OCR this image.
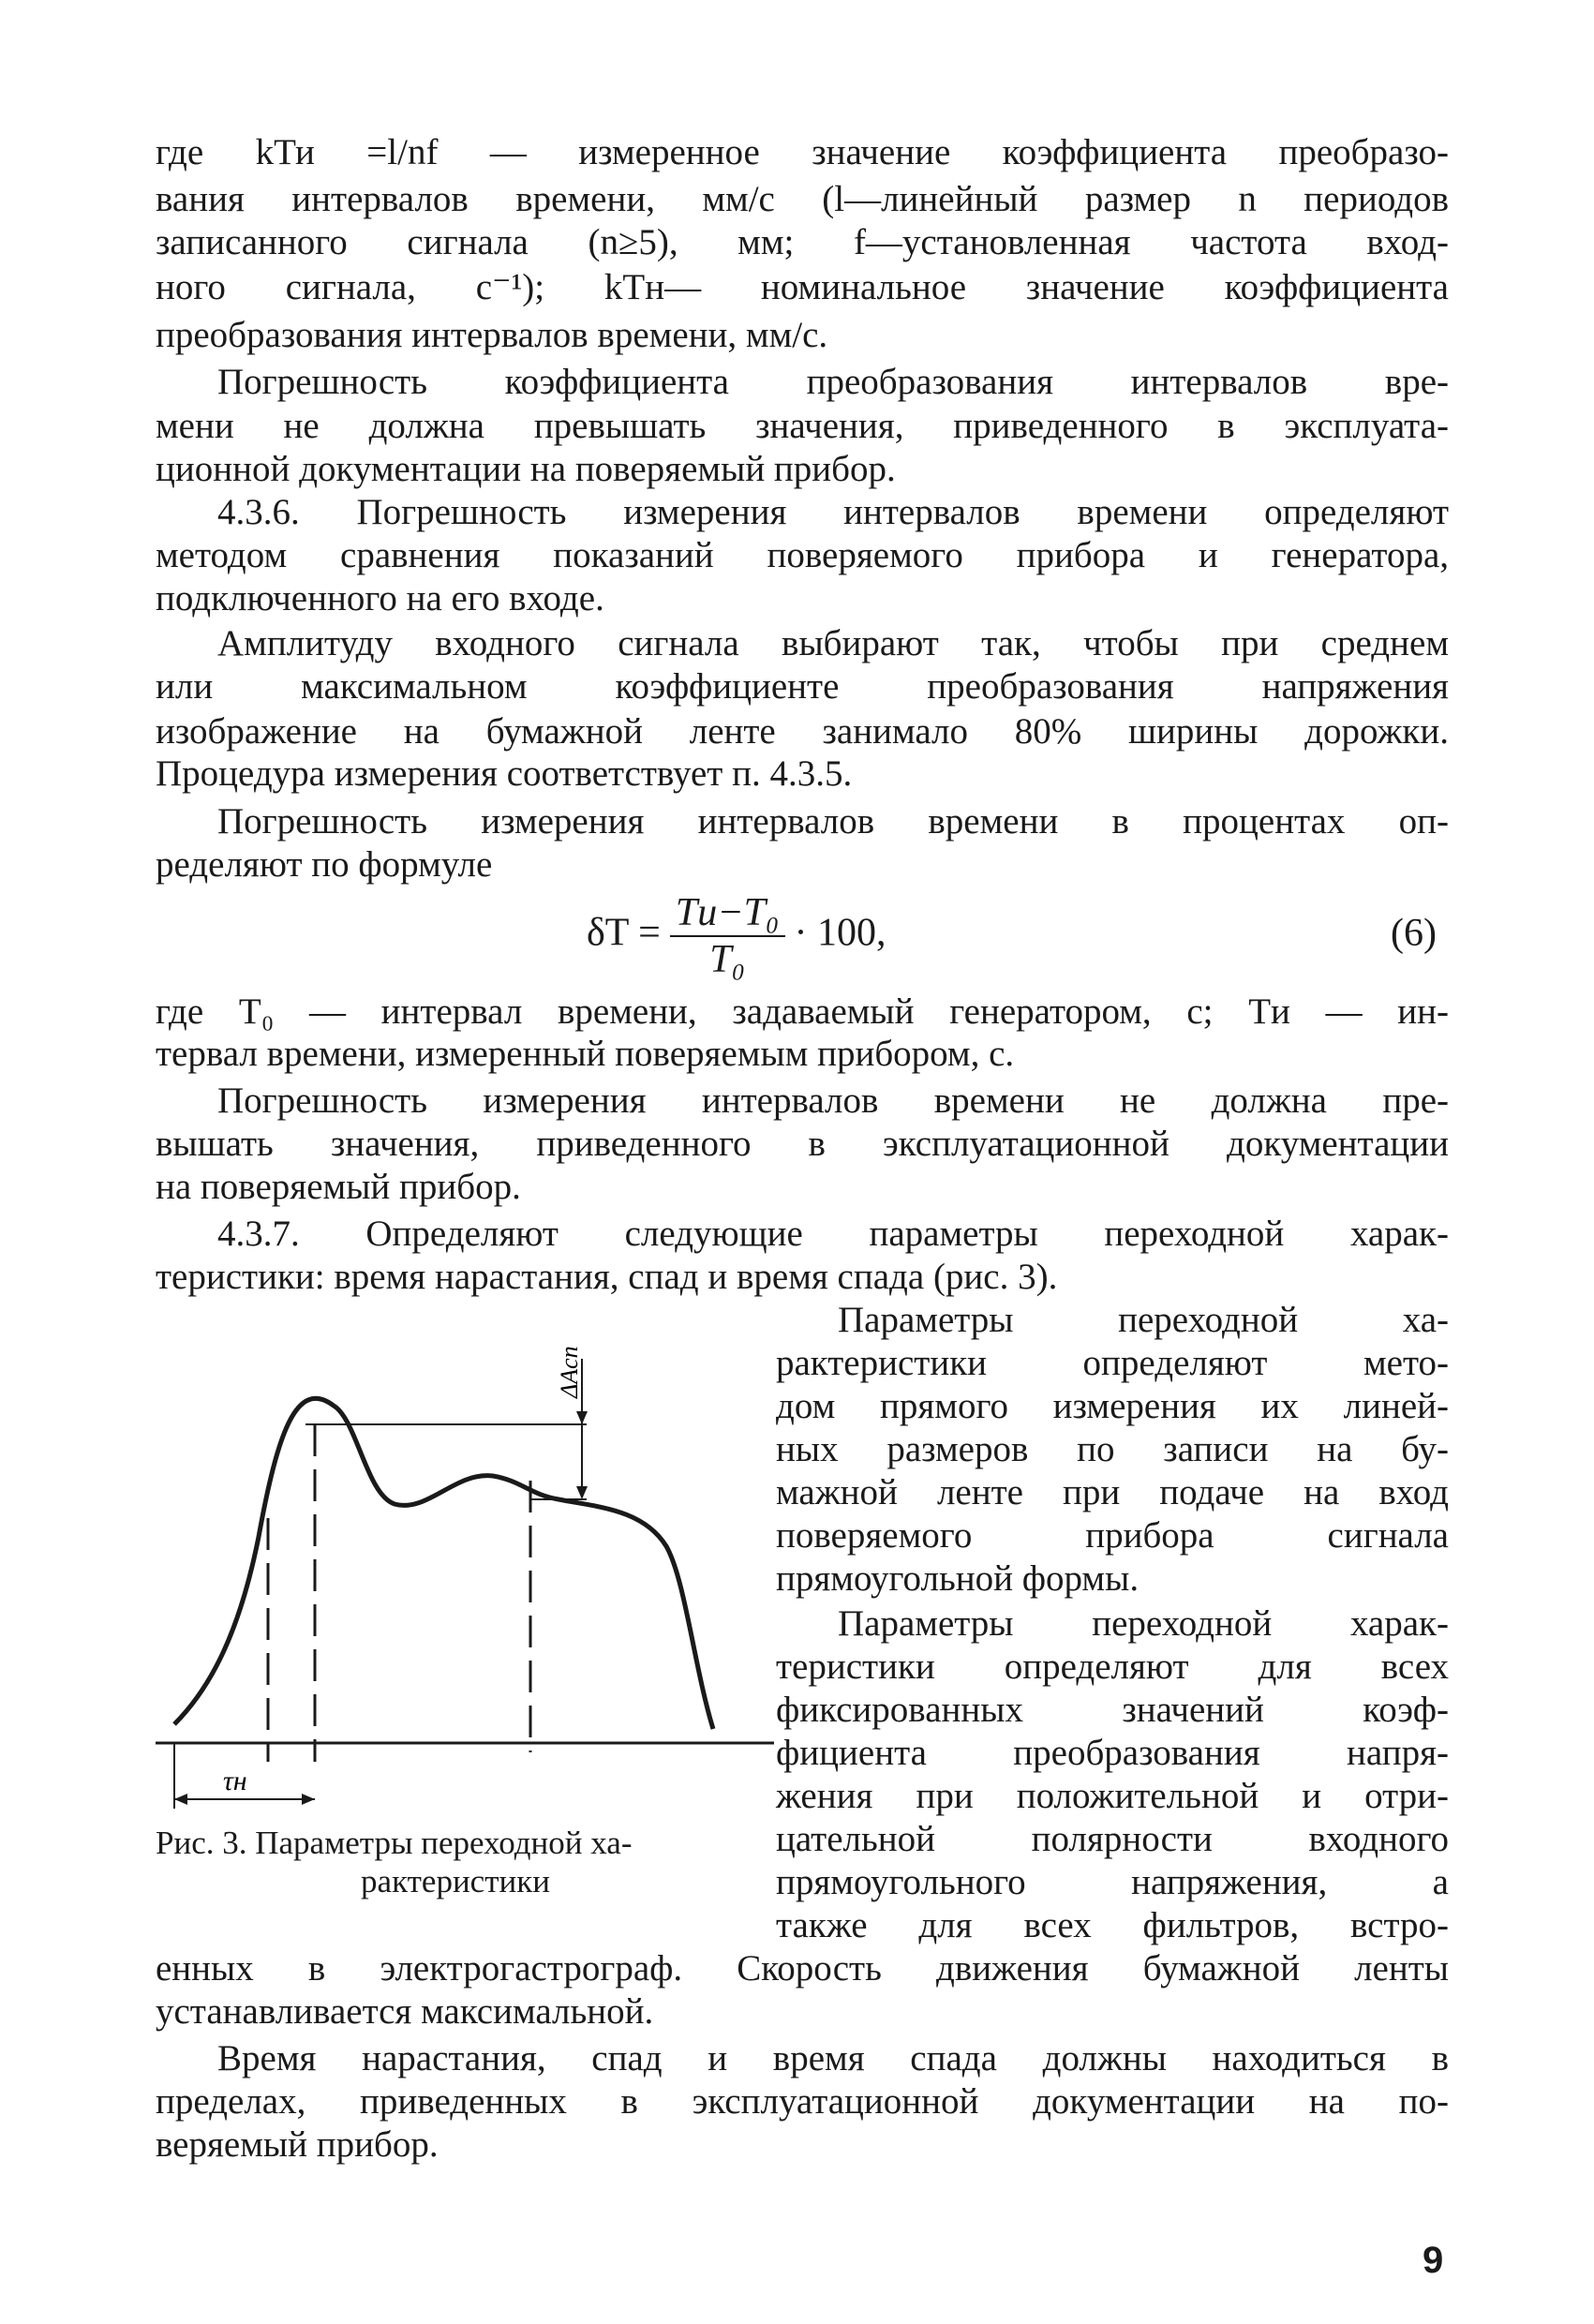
где kТи =l/nf — измеренное значение коэффициента преобразо-
вания интервалов времени, мм/с (l—линейный размер n периодов
записанного сигнала (n≥5), мм; f—установленная частота вход-
ного сигнала, с⁻¹); kТн— номинальное значение коэффициента
преобразования интервалов времени, мм/с.
Погрешность коэффициента преобразования интервалов вре-
мени не должна превышать значения, приведенного в эксплуата-
ционной документации на поверяемый прибор.
4.3.6. Погрешность измерения интервалов времени определяют
методом сравнения показаний поверяемого прибора и генератора,
подключенного на его входе.
Амплитуду входного сигнала выбирают так, чтобы при среднем
или максимальном коэффициенте преобразования напряжения
изображение на бумажной ленте занимало 80% ширины дорожки.
Процедура измерения соответствует п. 4.3.5.
Погрешность измерения интервалов времени в процентах оп-
ределяют по формуле
$\delta T = \frac{\text{Tи−T₀}}{\text{T₀}} \cdot 100$,	(6)
где T₀ — интервал времени, задаваемый генератором, с; Tи — ин-
тервал времени, измеренный поверяемым прибором, с.
Погрешность измерения интервалов времени не должна пре-
вышать значения, приведенного в эксплуатационной документации
на поверяемый прибор.
4.3.7. Определяют следующие параметры переходной харак-
теристики: время нарастания, спад и время спада (рис. 3).
Параметры переходной ха-
рактеристики определяют мето-
дом прямого измерения их линей-
ных размеров по записи на бу-
мажной ленте при подаче на вход
поверяемого прибора сигнала
прямоугольной формы.
Параметры переходной харак-
теристики определяют для всех
фиксированных значений коэф-
фициента преобразования напря-
жения при положительной и отри-
цательной полярности входного
прямоугольного напряжения, а
также для всех фильтров, встро-
енных в электрогастрограф. Скорость движения бумажной ленты
устанавливается максимальной.
Время нарастания, спад и время спада должны находиться в
пределах, приведенных в эксплуатационной документации на по-
веряемый прибор.
ΔAсп
τн
Рис. 3. Параметры переходной ха-
рактеристики
9
